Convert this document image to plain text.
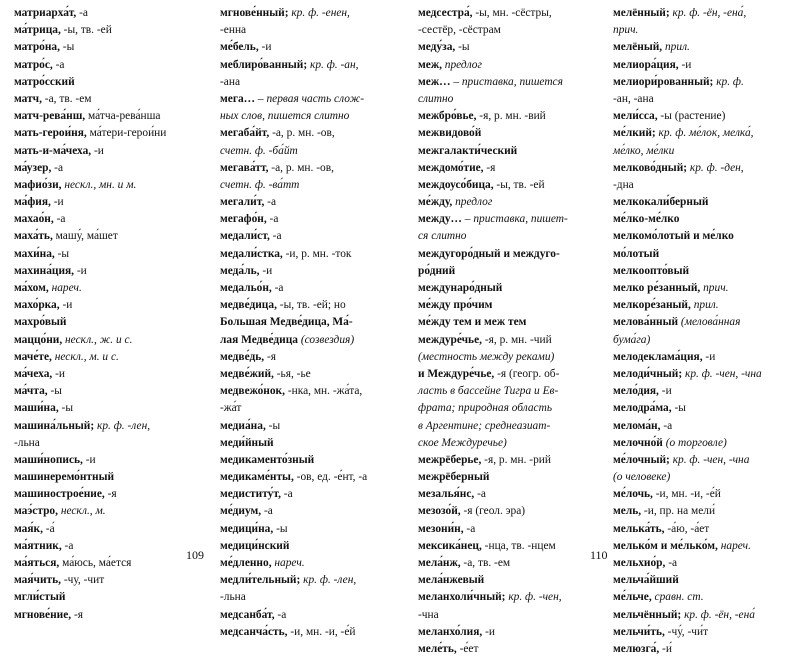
матриарха́т, -а
ма́трица, -ы, тв. -ей
матро́на, -ы
матро́с, -а
матро́сский
матч, -а, тв. -ем
матч-рева́нш, ма́тча-рева́нша
мать-герои́ня, ма́тери-герои́ни
мать-и-ма́чеха, -и
ма́узер, -а
мафио́зи, нескл., мн. и м.
ма́фия, -и
махао́н, -а
маха́ть, машу́, ма́шет
махи́на, -ы
махина́ция, -и
ма́хом, нареч.
махо́рка, -и
махро́вый
маццо́ни, нескл., ж. и с.
маче́те, нескл., м. и с.
ма́чеха, -и
ма́чта, -ы
маши́на, -ы
машина́льный; кр. ф. -лен,
-льна
маши́нопись, -и
машинеремо́нтный
машинострое́ние, -я
маэ́стро, нескл., м.
мая́к, -а́
ма́ятник, -а
ма́яться, ма́юсь, ма́ется
мая́чить, -чу, -чит
мгли́стый
мгнове́ние, -я
мгнове́нный; кр. ф. -енен,
-енна
ме́бель, -и
меблиро́ванный; кр. ф. -ан,
-ана
мега… – первая часть слож-
ных слов, пишется слитно
мегаба́йт, -а, р. мн. -ов,
счетн. ф. -ба́йт
мегава́тт, -а, р. мн. -ов,
счетн. ф. -ва́тт
мегали́т, -а
мегафо́н, -а
медали́ст, -а
медали́стка, -и, р. мн. -ток
меда́ль, -и
медальо́н, -а
медве́дица, -ы, тв. -ей; но
Большая Медве́дица, Ма́-
лая Медве́дица (созвездия)
медве́дь, -я
медве́жий, -ья, -ье
медвежо́нок, -нка, мн. -жа́та,
-жа́т
медиа́на, -ы
меди́йный
медикаменто́зный
медикаме́нты, -ов, ед. -е́нт, -а
медиститу́т, -а
ме́диум, -а
медици́на, -ы
медици́нский
ме́дленно, нареч.
медли́тельный; кр. ф. -лен,
-льна
медсанба́т, -а
медсанча́сть, -и, мн. -и, -е́й
109
медсестра́, -ы, мн. -сёстры,
-сестёр, -сёстрам
меду́за, -ы
меж, предлог
меж… – приставка, пишется
слитно
межбро́вье, -я, р. мн. -вий
межвидово́й
межгалакти́ческий
междомо́тие, -я
междоусо́бица, -ы, тв. -ей
ме́жду, предлог
между… – приставка, пишет-
ся слитно
междугоро́дный и междуго-
ро́дний
междунаро́дный
ме́жду про́чим
ме́жду тем и меж тем
междуре́чье, -я, р. мн. -чий
(местность между реками)
и Междуре́чье, -я (геогр. об-
ласть в бассейне Тигра и Ев-
фрата; природная область
в Аргентине; среднеазиат-
ское Междуречье)
межрёберье, -я, р. мн. -рий
межрёберный
мезалья́нс, -а
мезозо́й, -я (геол. эра)
мезони́н, -а
мексика́нец, -нца, тв. -нцем
мела́нж, -а, тв. -ем
мела́нжевый
меланхоли́чный; кр. ф. -чен,
-чна
меланхо́лия, -и
меле́ть, -е́ет
мелённый; кр. ф. -ён, -ена́,
прич.
мелёный, прил.
мелиора́ция, -и
мелиори́рованный; кр. ф.
-ан, -ана
мели́сса, -ы (растение)
ме́лкий; кр. ф. ме́лок, мелка́,
ме́лко, ме́лки
мелково́дный; кр. ф. -ден,
-дна
мелкокали́берный
ме́лко-ме́лко
мелкомо́лотый и ме́лко
мо́лотый
мелкоопто́вый
мелко ре́занный, прич.
мелкоре́заный, прил.
мелова́нный (мелова́нная
бума́га)
мелодеклама́ция, -и
мелоди́чный; кр. ф. -чен, -чна
мело́дия, -и
мелодра́ма, -ы
мелома́н, -а
мелочно́й (о торговле)
ме́лочный; кр. ф. -чен, -чна
(о человеке)
ме́лочь, -и, мн. -и, -е́й
мель, -и, пр. на мели́
мелька́ть, -а́ю, -а́ет
мелько́м и ме́лько́м, нареч.
мельхио́р, -а
мельча́йший
ме́льче, сравн. ст.
мельчённый; кр. ф. -ён, -ена́
мельчи́ть, -чу́, -чи́т
мелюзга́, -и́
110
